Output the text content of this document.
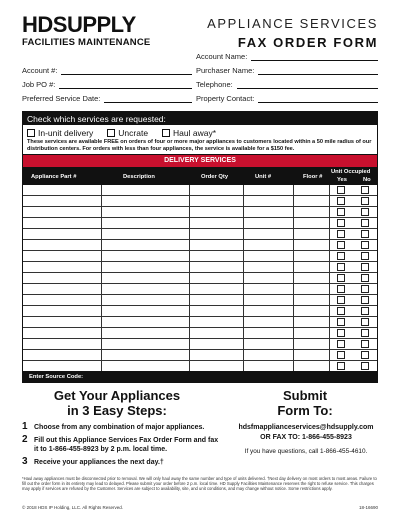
HDSUPPLY
FACILITIES MAINTENANCE
APPLIANCE SERVICES
FAX ORDER FORM
Account Name:
Account #:	Purchaser Name:
Job PO #:	Telephone:
Preferred Service Date:	Property Contact:
Check which services are requested:
In-unit delivery	Uncrate	Haul away*
These services are available FREE on orders of four or more major appliances to customers located within a 50 mile radius of our distribution centers. For orders with less than four appliances, the service is available for a $150 fee.
DELIVERY SERVICES
Appliance Part #	Description	Order Qty	Unit #	Floor #
Unit Occupied
Yes	No
Enter Source Code:
Get Your Appliances
in 3 Easy Steps:
1 Choose from any combination of major appliances.
2 Fill out this Appliance Services Fax Order Form and fax it to 1-866-455-8923 by 2 p.m. local time.
3 Receive your appliances the next day.†
Submit
Form To:
hdsfmapplianceservices@hdsupply.com
OR FAX TO: 1-866-455-8923
If you have questions, call 1-866-455-4610.
*Haul away appliances must be disconnected prior to removal. We will only haul away the same number and type of units delivered. †Next day delivery on most orders to most areas. Failure to fill out the order form in its entirety may lead to delayed. Please submit your order before 2 p.m. local time. HD Supply Facilities Maintenance reserves the right to refuse service. This charges may apply if services are refused by the Customer. Services are subject to availability, site, and unit conditions, and may change without notice. Some restrictions apply.
© 2018 HDS IP Holding, LLC. All Rights Reserved.	18-16690
